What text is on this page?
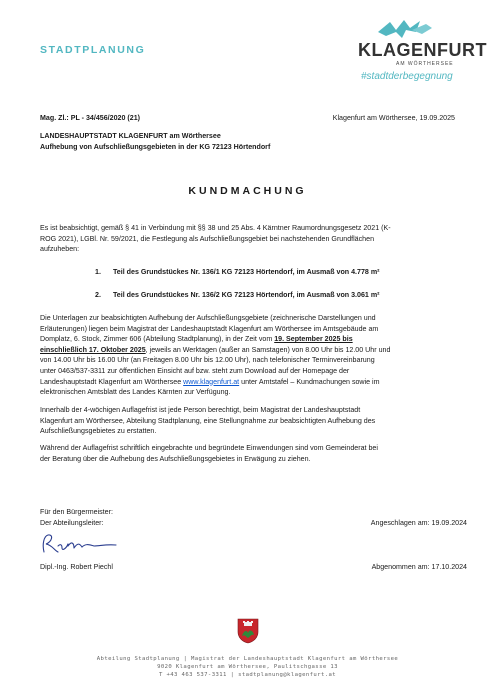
STADTPLANUNG	KLAGENFURT
AM WÖRTHERSEE
#stadtderbegegnung
Mag. Zl.: PL - 34/456/2020 (21)	Klagenfurt am Wörthersee, 19.09.2025
LANDESHAUPTSTADT KLAGENFURT am Wörthersee
Aufhebung von Aufschließungsgebieten in der KG 72123 Hörtendorf
KUNDMACHUNG
Es ist beabsichtigt, gemäß § 41 in Verbindung mit §§ 38 und 25 Abs. 4 Kärntner Raumordnungsgesetz 2021 (K-
ROG 2021), LGBl. Nr. 59/2021, die Festlegung als Aufschließungsgebiet bei nachstehenden Grundflächen
aufzuheben:
1. Teil des Grundstückes Nr. 136/1 KG 72123 Hörtendorf, im Ausmaß von 4.778 m²
2. Teil des Grundstückes Nr. 136/2 KG 72123 Hörtendorf, im Ausmaß von 3.061 m²
Die Unterlagen zur beabsichtigten Aufhebung der Aufschließungsgebiete (zeichnerische Darstellungen und
Erläuterungen) liegen beim Magistrat der Landeshauptstadt Klagenfurt am Wörthersee im Amtsgebäude am
Domplatz, 6. Stock, Zimmer 606 (Abteilung Stadtplanung), in der Zeit vom 19. September 2025 bis
einschließlich 17. Oktober 2025, jeweils an Werktagen (außer an Samstagen) von 8.00 Uhr bis 12.00 Uhr und
von 14.00 Uhr bis 16.00 Uhr (an Freitagen 8.00 Uhr bis 12.00 Uhr), nach telefonischer Terminvereinbarung
unter 0463/537-3311 zur öffentlichen Einsicht auf bzw. steht zum Download auf der Homepage der
Landeshauptstadt Klagenfurt am Wörthersee www.klagenfurt.at unter Amtstafel – Kundmachungen sowie im
elektronischen Amtsblatt des Landes Kärnten zur Verfügung.
Innerhalb der 4-wöchigen Auflagefrist ist jede Person berechtigt, beim Magistrat der Landeshauptstadt
Klagenfurt am Wörthersee, Abteilung Stadtplanung, eine Stellungnahme zur beabsichtigten Aufhebung des
Aufschließungsgebietes zu erstatten.
Während der Auflagefrist schriftlich eingebrachte und begründete Einwendungen sind vom Gemeinderat bei
der Beratung über die Aufhebung des Aufschließungsgebietes in Erwägung zu ziehen.
Für den Bürgermeister:
Der Abteilungsleiter:	Angeschlagen am: 19.09.2024
Dipl.-Ing. Robert Piechl	Abgenommen am: 17.10.2024
Abteilung Stadtplanung | Magistrat der Landeshauptstadt Klagenfurt am Wörthersee
9020 Klagenfurt am Wörthersee, Paulitschgasse 13
T +43 463 537-3311 | stadtplanung@klagenfurt.at
